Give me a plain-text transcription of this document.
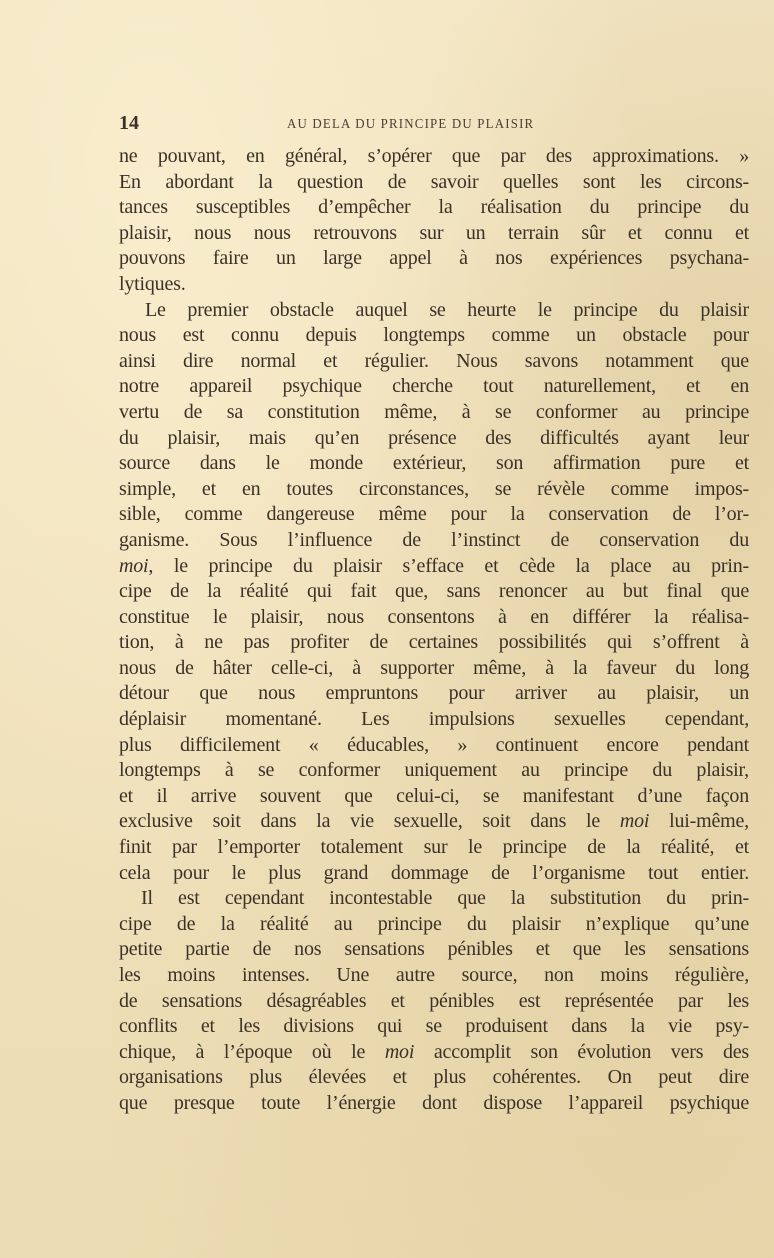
14	AU DELA DU PRINCIPE DU PLAISIR
ne pouvant, en général, s’opérer que par des approximations. »
En abordant la question de savoir quelles sont les circons-
tances susceptibles d’empêcher la réalisation du principe du
plaisir, nous nous retrouvons sur un terrain sûr et connu et
pouvons faire un large appel à nos expériences psychana-
lytiques.
Le premier obstacle auquel se heurte le principe du plaisir
nous est connu depuis longtemps comme un obstacle pour
ainsi dire normal et régulier. Nous savons notamment que
notre appareil psychique cherche tout naturellement, et en
vertu de sa constitution même, à se conformer au principe
du plaisir, mais qu’en présence des difficultés ayant leur
source dans le monde extérieur, son affirmation pure et
simple, et en toutes circonstances, se révèle comme impos-
sible, comme dangereuse même pour la conservation de l’or-
ganisme. Sous l’influence de l’instinct de conservation du
moi, le principe du plaisir s’efface et cède la place au prin-
cipe de la réalité qui fait que, sans renoncer au but final que
constitue le plaisir, nous consentons à en différer la réalisa-
tion, à ne pas profiter de certaines possibilités qui s’offrent à
nous de hâter celle-ci, à supporter même, à la faveur du long
détour que nous empruntons pour arriver au plaisir, un
déplaisir momentané. Les impulsions sexuelles cependant,
plus difficilement « éducables, » continuent encore pendant
longtemps à se conformer uniquement au principe du plaisir,
et il arrive souvent que celui-ci, se manifestant d’une façon
exclusive soit dans la vie sexuelle, soit dans le moi lui-même,
finit par l’emporter totalement sur le principe de la réalité, et
cela pour le plus grand dommage de l’organisme tout entier.
Il est cependant incontestable que la substitution du prin-
cipe de la réalité au principe du plaisir n’explique qu’une
petite partie de nos sensations pénibles et que les sensations
les moins intenses. Une autre source, non moins régulière,
de sensations désagréables et pénibles est représentée par les
conflits et les divisions qui se produisent dans la vie psy-
chique, à l’époque où le moi accomplit son évolution vers des
organisations plus élevées et plus cohérentes. On peut dire
que presque toute l’énergie dont dispose l’appareil psychique
